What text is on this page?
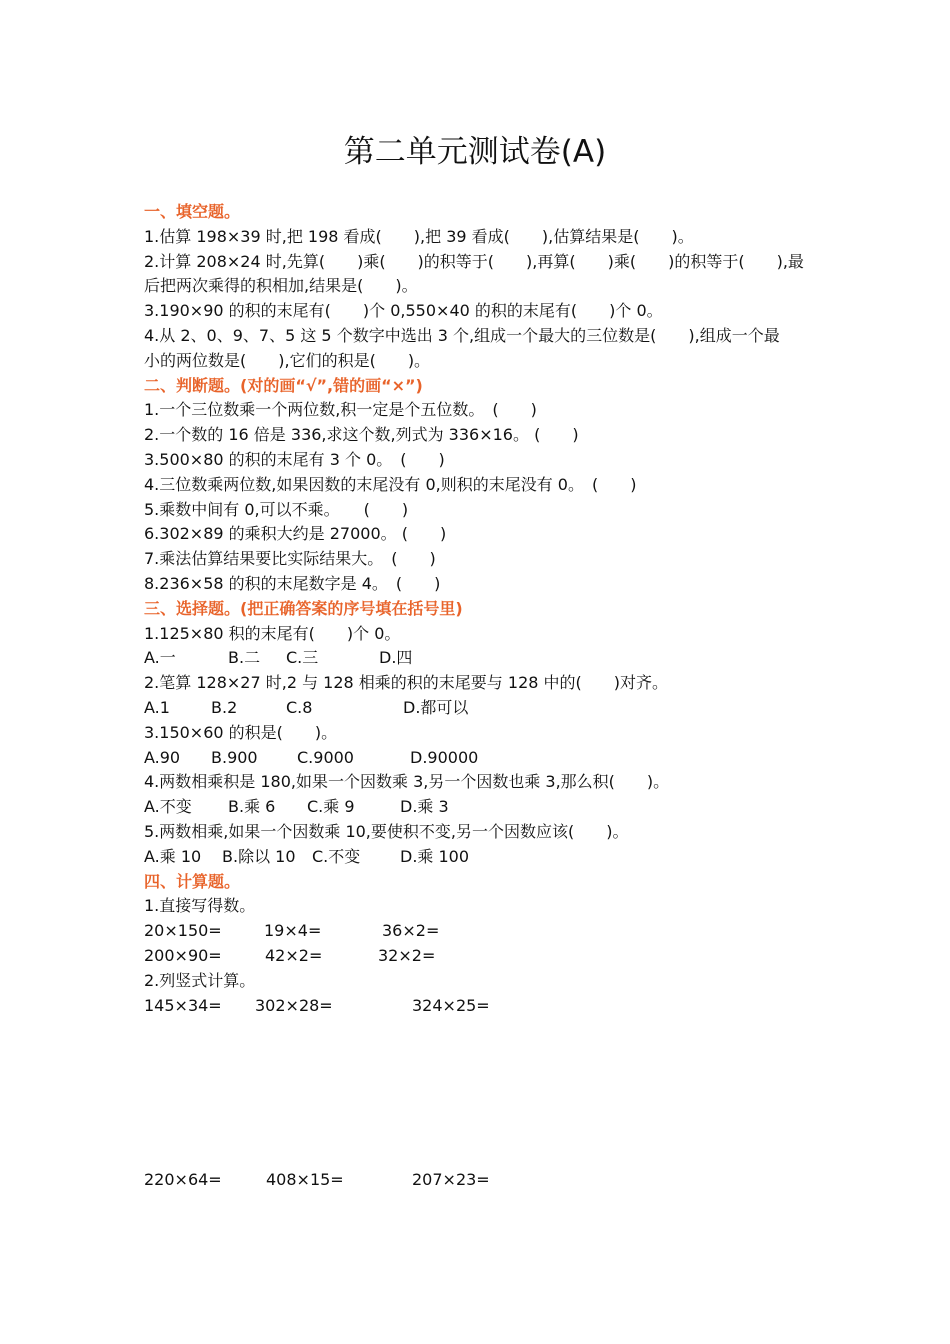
第二单元测试卷(A)
一、填空题。
1.估算 198×39 时,把 198 看成(　　),把 39 看成(　　),估算结果是(　　)。
2.计算 208×24 时,先算(　　)乘(　　)的积等于(　　),再算(　　)乘(　　)的积等于(　　),最
后把两次乘得的积相加,结果是(　　)。
3.190×90 的积的末尾有(　　)个 0,550×40 的积的末尾有(　　)个 0。
4.从 2、0、9、7、5 这 5 个数字中选出 3 个,组成一个最大的三位数是(　　),组成一个最
小的两位数是(　　),它们的积是(　　)。
二、判断题。(对的画“√”,错的画“×”)
1.一个三位数乘一个两位数,积一定是个五位数。　(　　)
2.一个数的 16 倍是 336,求这个数,列式为 336×16。 (　　)
3.500×80 的积的末尾有 3 个 0。　(　　)
4.三位数乘两位数,如果因数的末尾没有 0,则积的末尾没有 0。　(　　)
5.乘数中间有 0,可以不乘。　　(　　)
6.302×89 的乘积大约是 27000。 (　　)
7.乘法估算结果要比实际结果大。　(　　)
8.236×58 的积的末尾数字是 4。　(　　)
三、选择题。(把正确答案的序号填在括号里)
1.125×80 积的末尾有(　　)个 0。
A.一	B.二	C.三	D.四
2.笔算 128×27 时,2 与 128 相乘的积的末尾要与 128 中的(　　)对齐。
A.1	B.2	C.8	D.都可以
3.150×60 的积是(　　)。
A.90	B.900	C.9000	D.90000
4.两数相乘积是 180,如果一个因数乘 3,另一个因数也乘 3,那么积(　　)。
A.不变	B.乘 6	C.乘 9	D.乘 3
5.两数相乘,如果一个因数乘 10,要使积不变,另一个因数应该(　　)。
A.乘 10	B.除以 10	C.不变	D.乘 100
四、计算题。
1.直接写得数。
20×150=	19×4=	36×2=
200×90=	42×2=	32×2=
2.列竖式计算。
145×34=	302×28=	324×25=
220×64=	408×15=	207×23=
